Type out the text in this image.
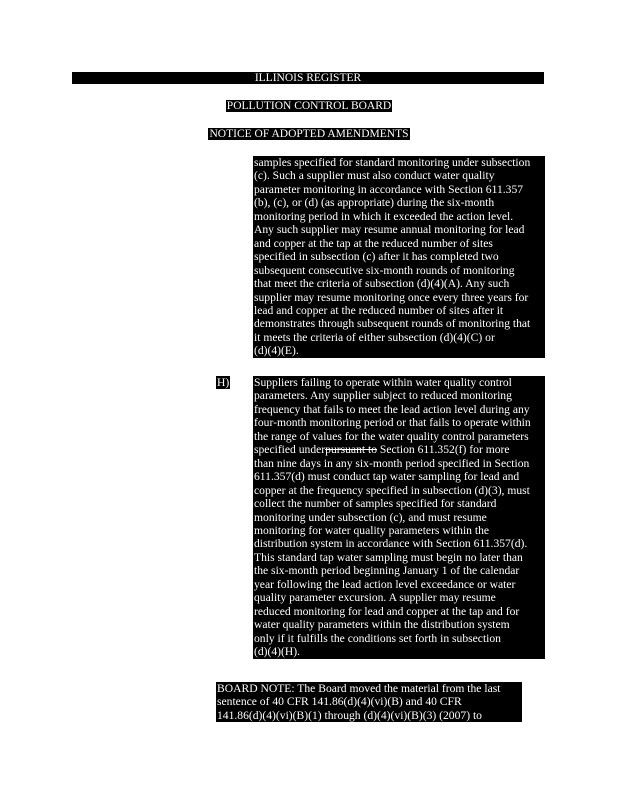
ILLINOIS REGISTER
POLLUTION CONTROL BOARD
NOTICE OF ADOPTED AMENDMENTS
samples specified for standard monitoring under subsection
(c). Such a supplier must also conduct water quality
parameter monitoring in accordance with Section 611.357
(b), (c), or (d) (as appropriate) during the six-month
monitoring period in which it exceeded the action level.
Any such supplier may resume annual monitoring for lead
and copper at the tap at the reduced number of sites
specified in subsection (c) after it has completed two
subsequent consecutive six-month rounds of monitoring
that meet the criteria of subsection (d)(4)(A). Any such
supplier may resume monitoring once every three years for
lead and copper at the reduced number of sites after it
demonstrates through subsequent rounds of monitoring that
it meets the criteria of either subsection (d)(4)(C) or
(d)(4)(E).
H) Suppliers failing to operate within water quality control
parameters. Any supplier subject to reduced monitoring
frequency that fails to meet the lead action level during any
four-month monitoring period or that fails to operate within
the range of values for the water quality control parameters
specified underpursuant to Section 611.352(f) for more
than nine days in any six-month period specified in Section
611.357(d) must conduct tap water sampling for lead and
copper at the frequency specified in subsection (d)(3), must
collect the number of samples specified for standard
monitoring under subsection (c), and must resume
monitoring for water quality parameters within the
distribution system in accordance with Section 611.357(d).
This standard tap water sampling must begin no later than
the six-month period beginning January 1 of the calendar
year following the lead action level exceedance or water
quality parameter excursion. A supplier may resume
reduced monitoring for lead and copper at the tap and for
water quality parameters within the distribution system
only if it fulfills the conditions set forth in subsection
(d)(4)(H).
BOARD NOTE: The Board moved the material from the last
sentence of 40 CFR 141.86(d)(4)(vi)(B) and 40 CFR
141.86(d)(4)(vi)(B)(1) through (d)(4)(vi)(B)(3) (2007) to
